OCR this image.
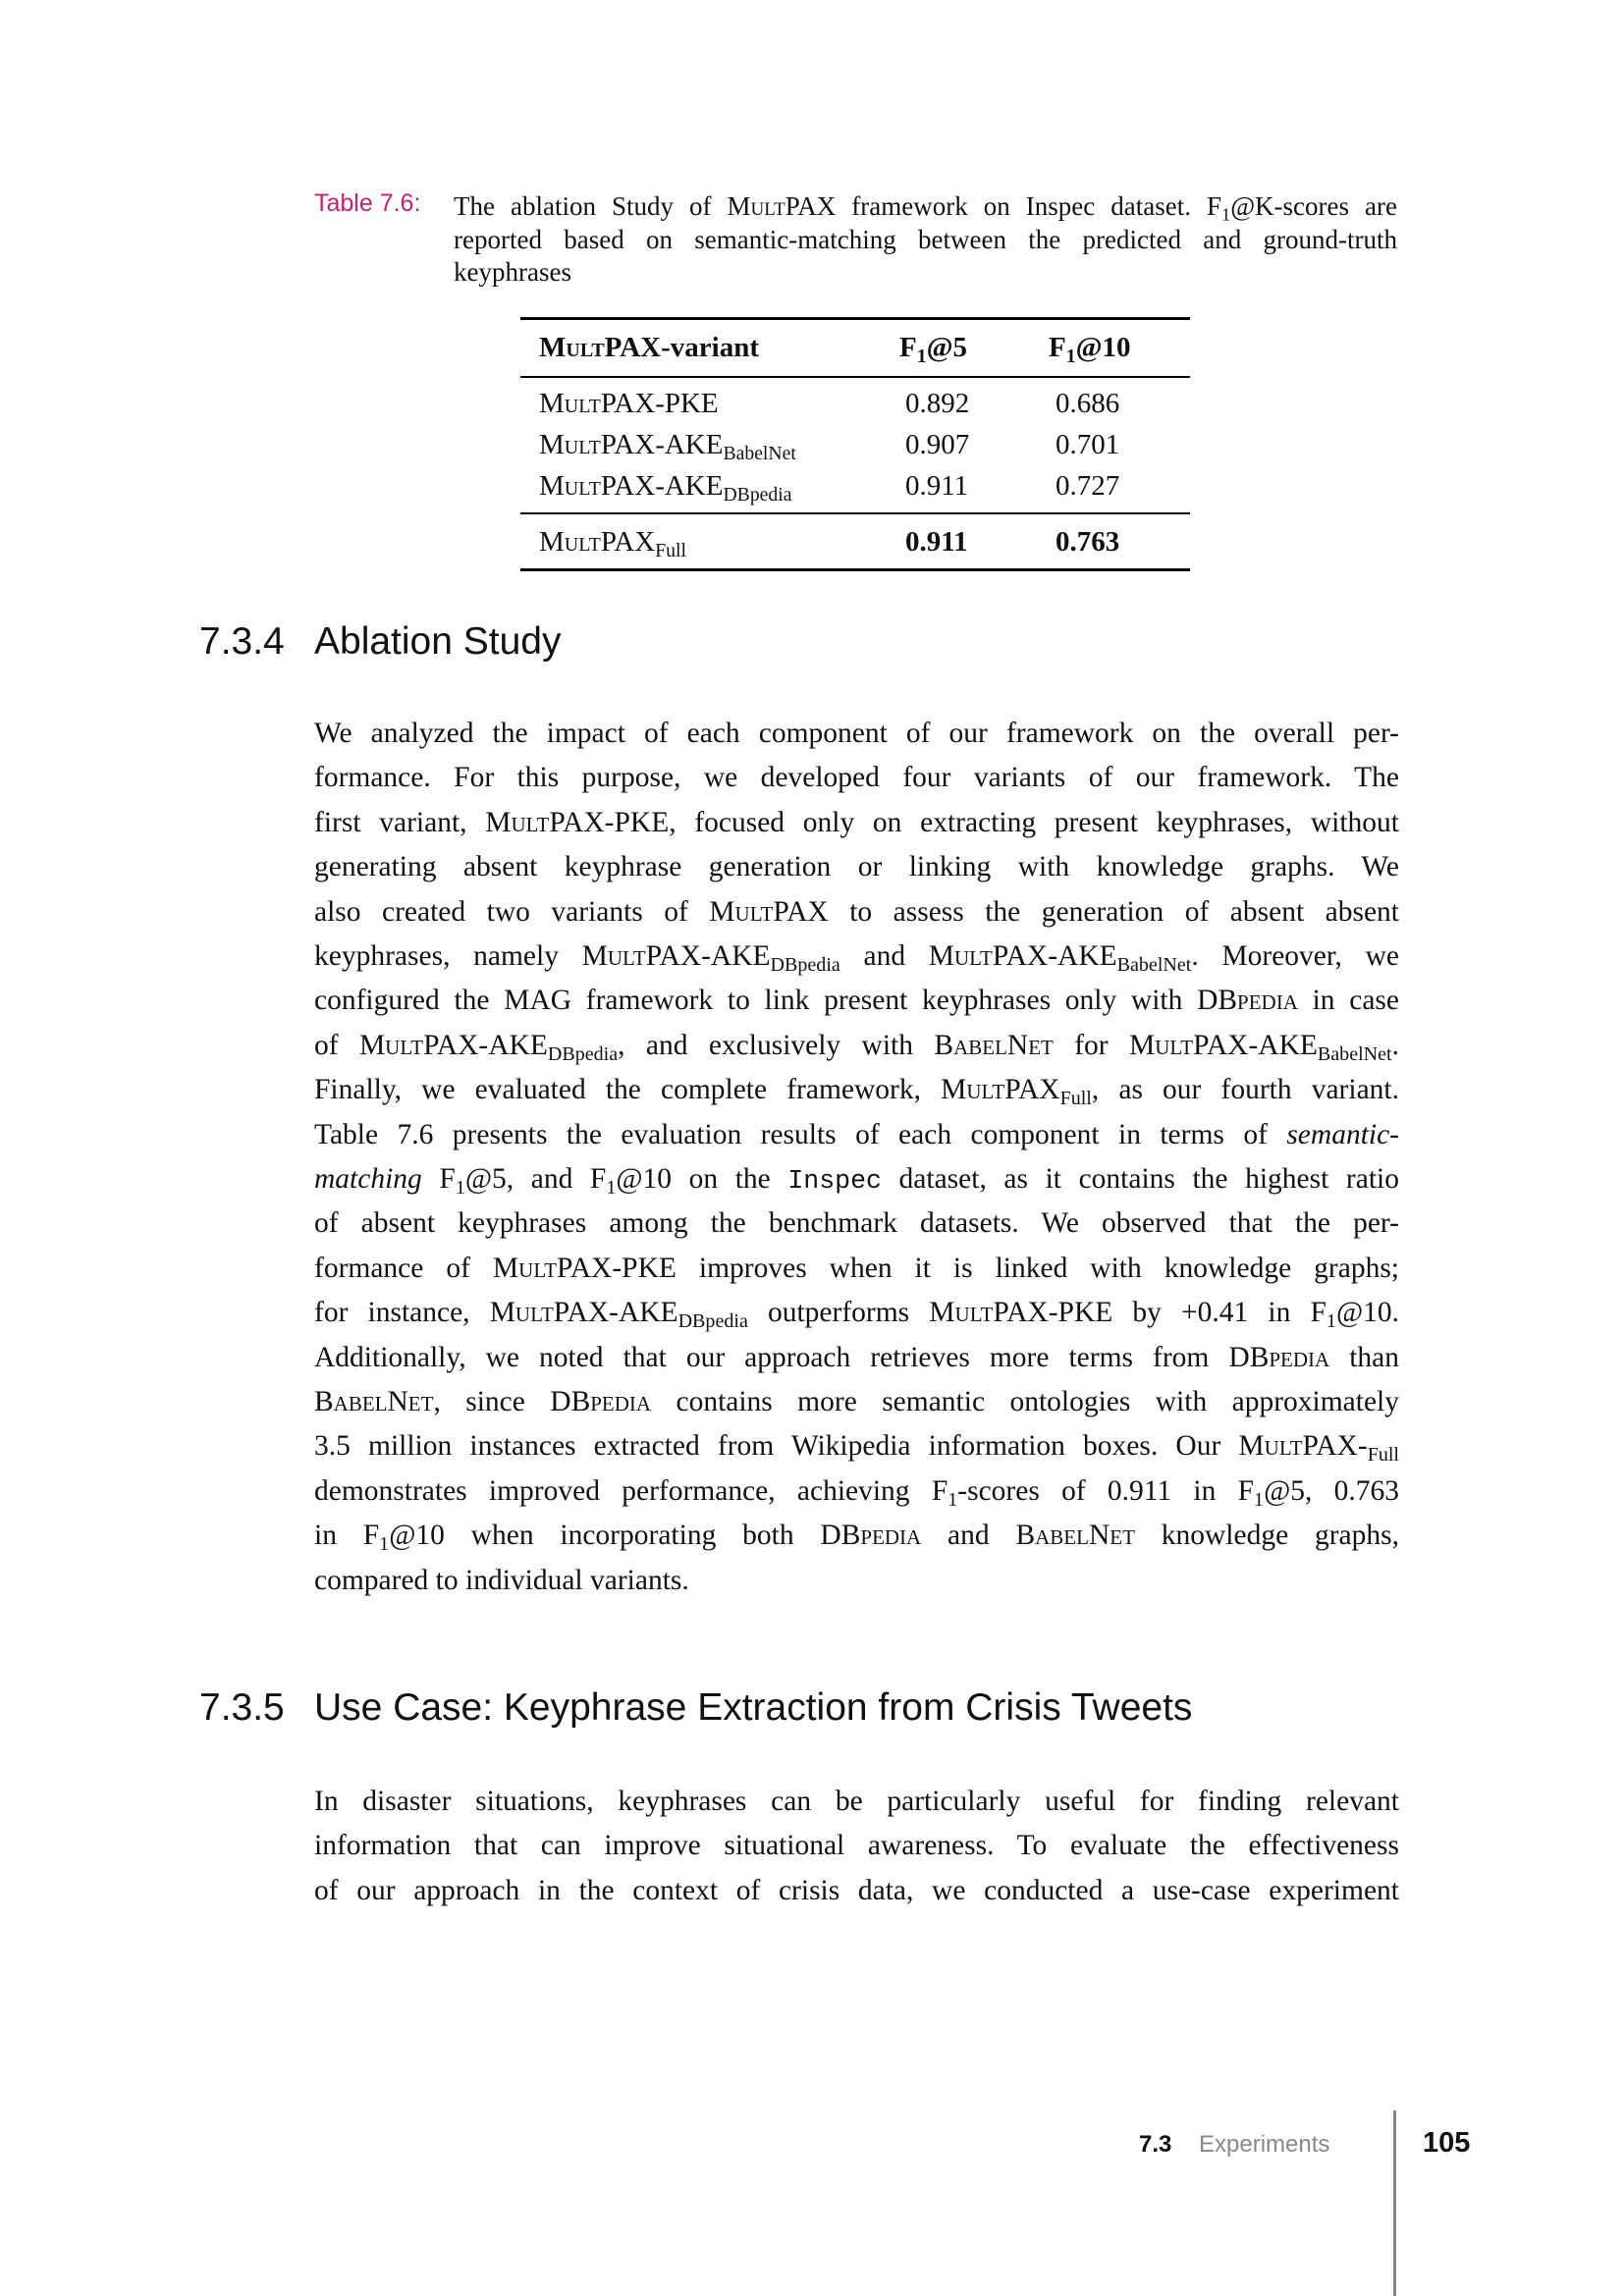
Table 7.6: The ablation Study of MultPAX framework on Inspec dataset. $F_1@K$-scores are
reported based on semantic-matching between the predicted and ground-truth
keyphrases
MultPAX-variant	$F_1@5$	$F_1@10$
MultPAX-PKE	0.892	0.686
MultPAX-$AKE_{BabelNet}$	0.907	0.701
MultPAX-$AKE_{DBpedia}$	0.911	0.727
MultPAX$_{Full}$	0.911	0.763
7.3.4 Ablation Study
We analyzed the impact of each component of our framework on the overall per-
formance. For this purpose, we developed four variants of our framework. The
first variant, MultPAX-PKE, focused only on extracting present keyphrases, without
generating absent keyphrase generation or linking with knowledge graphs. We
also created two variants of MultPAX to assess the generation of absent absent
keyphrases, namely MultPAX-$AKE_{DBpedia}$ and MultPAX-$AKE_{BabelNet}$. Moreover, we
configured the MAG framework to link present keyphrases only with DBpedia in case
of MultPAX-$AKE_{DBpedia}$, and exclusively with BabelNet for MultPAX-$AKE_{BabelNet}$.
Finally, we evaluated the complete framework, MultPAX$_{Full}$, as our fourth variant.
Table 7.6 presents the evaluation results of each component in terms of semantic-
matching $F_1@5$, and $F_1@10$ on the Inspec dataset, as it contains the highest ratio
of absent keyphrases among the benchmark datasets. We observed that the per-
formance of MultPAX-PKE improves when it is linked with knowledge graphs;
for instance, MultPAX-$AKE_{DBpedia}$ outperforms MultPAX-PKE by +0.41 in $F_1@10$.
Additionally, we noted that our approach retrieves more terms from DBpedia than
BabelNet, since DBpedia contains more semantic ontologies with approximately
3.5 million instances extracted from Wikipedia information boxes. Our MultPAX-$_{Full}$
demonstrates improved performance, achieving $F_1$-scores of 0.911 in $F_1@5$, 0.763
in $F_1@10$ when incorporating both DBpedia and BabelNet knowledge graphs,
compared to individual variants.
7.3.5 Use Case: Keyphrase Extraction from Crisis Tweets
In disaster situations, keyphrases can be particularly useful for finding relevant
information that can improve situational awareness. To evaluate the effectiveness
of our approach in the context of crisis data, we conducted a use-case experiment
7.3 Experiments	105
